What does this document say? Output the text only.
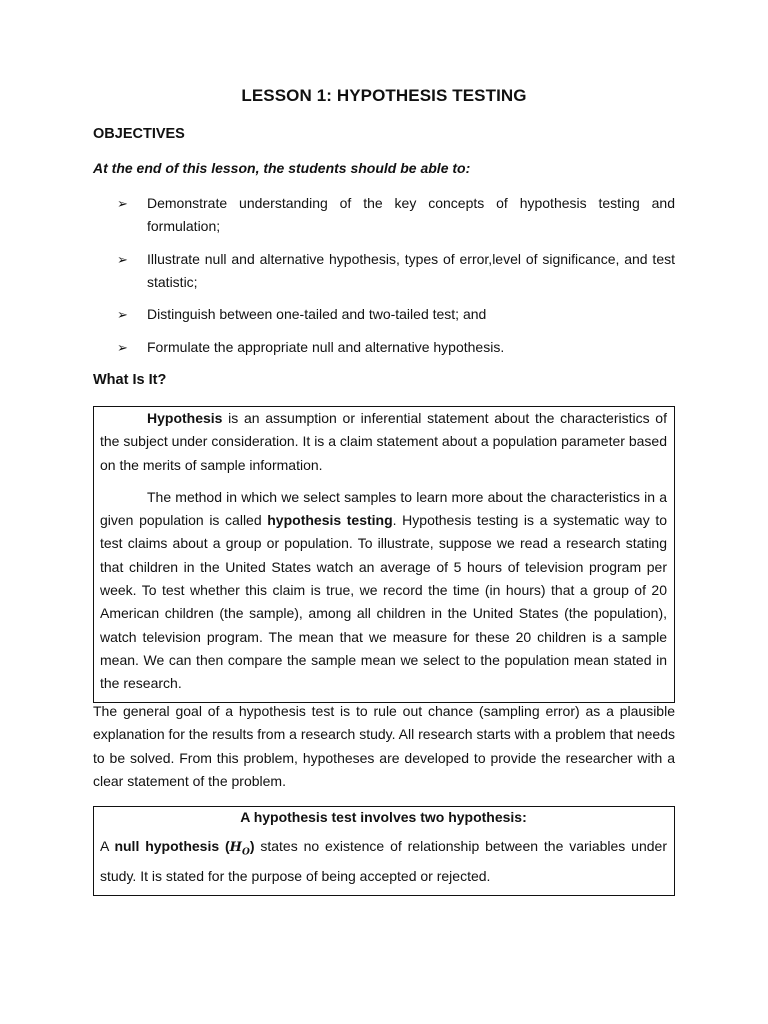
LESSON 1: HYPOTHESIS TESTING
OBJECTIVES
At the end of this lesson, the students should be able to:
➢ Demonstrate understanding of the key concepts of hypothesis testing and formulation;
➢ Illustrate null and alternative hypothesis, types of error,level of significance, and test statistic;
➢ Distinguish between one-tailed and two-tailed test; and
➢ Formulate the appropriate null and alternative hypothesis.
What Is It?

Hypothesis is an assumption or inferential statement about the characteristics of the subject under consideration. It is a claim statement about a population parameter based on the merits of sample information.

The method in which we select samples to learn more about the characteristics in a given population is called hypothesis testing. Hypothesis testing is a systematic way to test claims about a group or population. To illustrate, suppose we read a research stating that children in the United States watch an average of 5 hours of television program per week. To test whether this claim is true, we record the time (in hours) that a group of 20 American children (the sample), among all children in the United States (the population), watch television program. The mean that we measure for these 20 children is a sample mean. We can then compare the sample mean we select to the population mean stated in the research.

The general goal of a hypothesis test is to rule out chance (sampling error) as a plausible explanation for the results from a research study. All research starts with a problem that needs to be solved. From this problem, hypotheses are developed to provide the researcher with a clear statement of the problem.

A hypothesis test involves two hypothesis:

A null hypothesis $(H_O)$ states no existence of relationship between the variables under study. It is stated for the purpose of being accepted or rejected.
